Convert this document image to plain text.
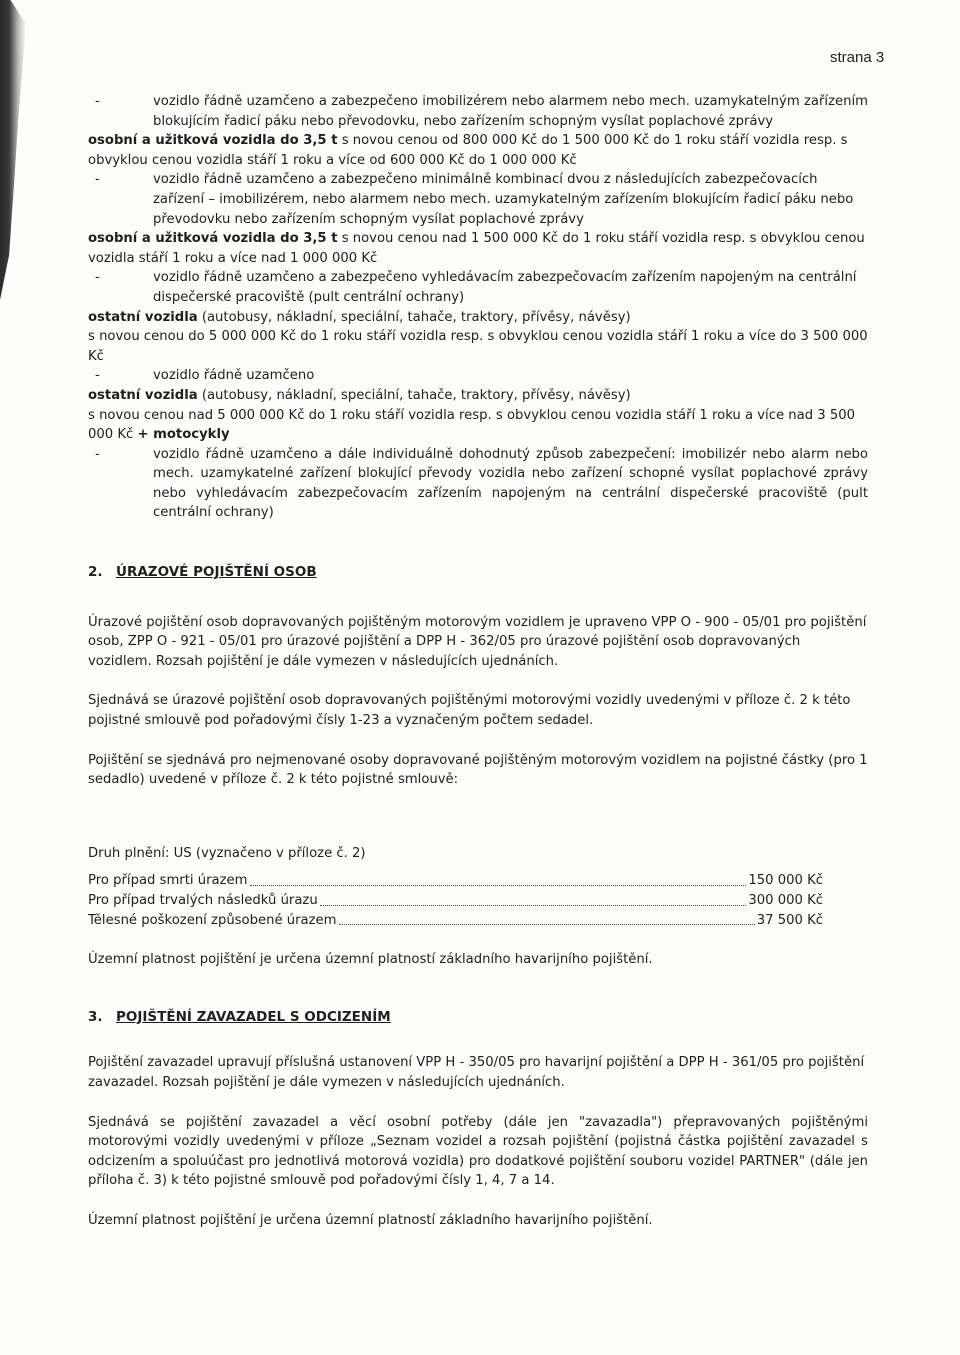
strana 3
-	vozidlo řádně uzamčeno a zabezpečeno imobilizérem nebo alarmem nebo mech. uzamykatelným zařízením blokujícím řadicí páku nebo převodovku, nebo zařízením schopným vysílat poplachové zprávy
osobní a užitková vozidla do 3,5 t s novou cenou od 800 000 Kč do 1 500 000 Kč do 1 roku stáří vozidla resp. s obvyklou cenou vozidla stáří 1 roku a více od 600 000 Kč do 1 000 000 Kč
-	vozidlo řádně uzamčeno a zabezpečeno minimálně kombinací dvou z následujících zabezpečovacích zařízení – imobilizérem, nebo alarmem nebo mech. uzamykatelným zařízením blokujícím řadicí páku nebo převodovku nebo zařízením schopným vysílat poplachové zprávy
osobní a užitková vozidla do 3,5 t s novou cenou nad 1 500 000 Kč do 1 roku stáří vozidla resp. s obvyklou cenou vozidla stáří 1 roku a více nad 1 000 000 Kč
-	vozidlo řádně uzamčeno a zabezpečeno vyhledávacím zabezpečovacím zařízením napojeným na centrální dispečerské pracoviště (pult centrální ochrany)
ostatní vozidla (autobusy, nákladní, speciální, tahače, traktory, přívěsy, návěsy)
s novou cenou do 5 000 000 Kč do 1 roku stáří vozidla resp. s obvyklou cenou vozidla stáří 1 roku a více do 3 500 000 Kč
-	vozidlo řádně uzamčeno
ostatní vozidla (autobusy, nákladní, speciální, tahače, traktory, přívěsy, návěsy)
s novou cenou nad 5 000 000 Kč do 1 roku stáří vozidla resp. s obvyklou cenou vozidla stáří 1 roku a více nad 3 500 000 Kč + motocykly
-	vozidlo řádně uzamčeno a dále individuálně dohodnutý způsob zabezpečení: imobilizér nebo alarm nebo mech. uzamykatelné zařízení blokující převody vozidla nebo zařízení schopné vysílat poplachové zprávy nebo vyhledávacím zabezpečovacím zařízením napojeným na centrální dispečerské pracoviště (pult centrální ochrany)
2. ÚRAZOVÉ POJIŠTĚNÍ OSOB
Úrazové pojištění osob dopravovaných pojištěným motorovým vozidlem je upraveno VPP O - 900 - 05/01 pro pojištění osob, ZPP O - 921 - 05/01 pro úrazové pojištění a DPP H - 362/05 pro úrazové pojištění osob dopravovaných vozidlem. Rozsah pojištění je dále vymezen v následujících ujednáních.
Sjednává se úrazové pojištění osob dopravovaných pojištěnými motorovými vozidly uvedenými v příloze č. 2 k této pojistné smlouvě pod pořadovými čísly 1-23 a vyznačeným počtem sedadel.
Pojištění se sjednává pro nejmenované osoby dopravované pojištěným motorovým vozidlem na pojistné částky (pro 1 sedadlo) uvedené v příloze č. 2 k této pojistné smlouvě:
Druh plnění: US (vyznačeno v příloze č. 2)
Pro případ smrti úrazem	150 000 Kč
Pro případ trvalých následků úrazu	300 000 Kč
Tělesné poškození způsobené úrazem	37 500 Kč
Územní platnost pojištění je určena územní platností základního havarijního pojištění.
3. POJIŠTĚNÍ ZAVAZADEL S ODCIZENÍM
Pojištění zavazadel upravují příslušná ustanovení VPP H - 350/05 pro havarijní pojištění a DPP H - 361/05 pro pojištění zavazadel. Rozsah pojištění je dále vymezen v následujících ujednáních.
Sjednává se pojištění zavazadel a věcí osobní potřeby (dále jen "zavazadla") přepravovaných pojištěnými motorovými vozidly uvedenými v příloze „Seznam vozidel a rozsah pojištění (pojistná částka pojištění zavazadel s odcizením a spoluúčast pro jednotlivá motorová vozidla) pro dodatkové pojištění souboru vozidel PARTNER" (dále jen příloha č. 3) k této pojistné smlouvě pod pořadovými čísly 1, 4, 7 a 14.
Územní platnost pojištění je určena územní platností základního havarijního pojištění.
